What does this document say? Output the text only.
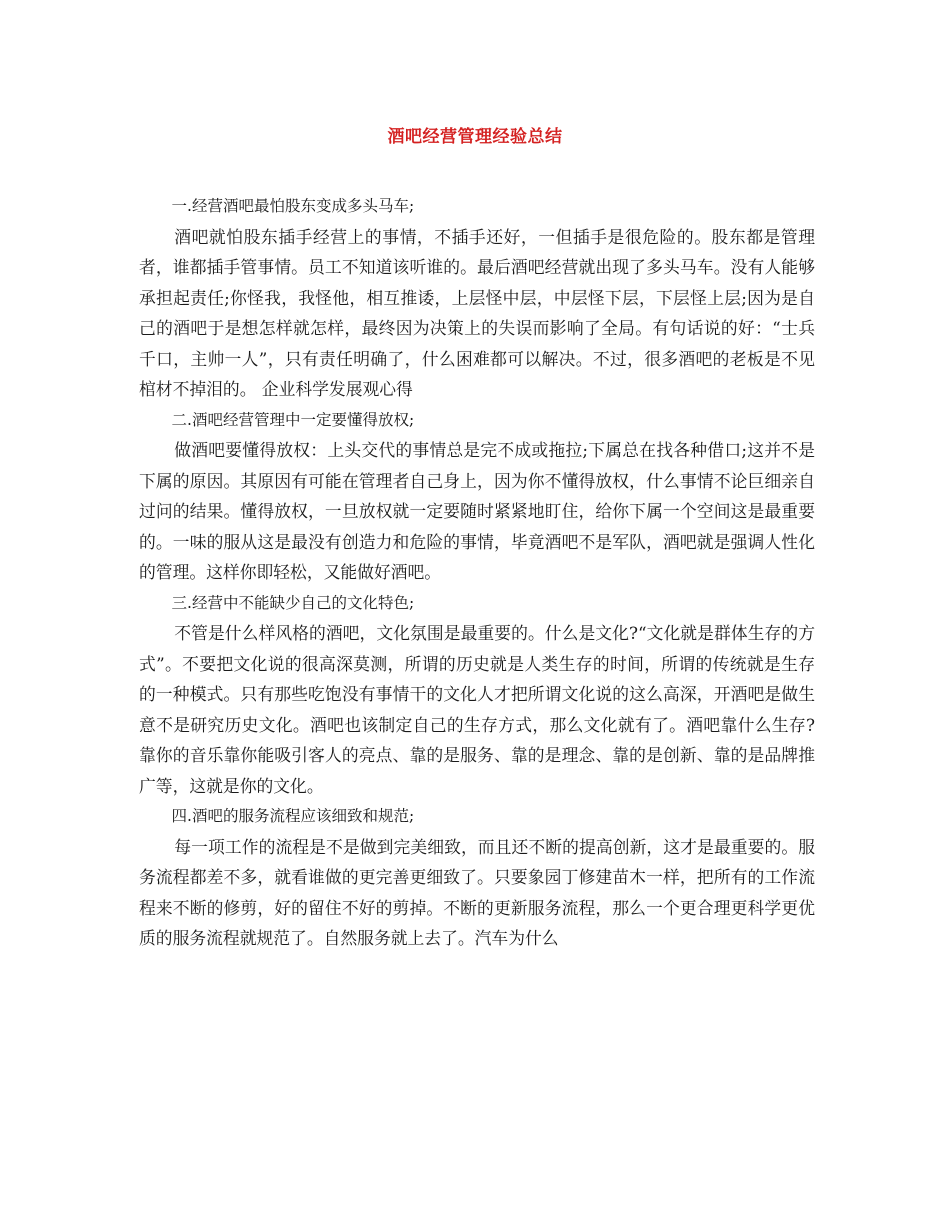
酒吧经营管理经验总结

一.经营酒吧最怕股东变成多头马车;

酒吧就怕股东插手经营上的事情，不插手还好，一但插手是很危险的。股东都是管理者，谁都插手管事情。员工不知道该听谁的。最后酒吧经营就出现了多头马车。没有人能够承担起责任;你怪我，我怪他，相互推诿，上层怪中层，中层怪下层，下层怪上层;因为是自己的酒吧于是想怎样就怎样，最终因为决策上的失误而影响了全局。有句话说的好：“士兵千口，主帅一人”，只有责任明确了，什么困难都可以解决。不过，很多酒吧的老板是不见棺材不掉泪的。 企业科学发展观心得

二.酒吧经营管理中一定要懂得放权;

做酒吧要懂得放权：上头交代的事情总是完不成或拖拉;下属总在找各种借口;这并不是下属的原因。其原因有可能在管理者自己身上，因为你不懂得放权，什么事情不论巨细亲自过问的结果。懂得放权，一旦放权就一定要随时紧紧地盯住，给你下属一个空间这是最重要的。一味的服从这是最没有创造力和危险的事情，毕竟酒吧不是军队，酒吧就是强调人性化的管理。这样你即轻松，又能做好酒吧。

三.经营中不能缺少自己的文化特色;

不管是什么样风格的酒吧，文化氛围是最重要的。什么是文化?“文化就是群体生存的方式”。不要把文化说的很高深莫测，所谓的历史就是人类生存的时间，所谓的传统就是生存的一种模式。只有那些吃饱没有事情干的文化人才把所谓文化说的这么高深，开酒吧是做生意不是研究历史文化。酒吧也该制定自己的生存方式，那么文化就有了。酒吧靠什么生存?靠你的音乐靠你能吸引客人的亮点、靠的是服务、靠的是理念、靠的是创新、靠的是品牌推广等，这就是你的文化。

四.酒吧的服务流程应该细致和规范;

每一项工作的流程是不是做到完美细致，而且还不断的提高创新，这才是最重要的。服务流程都差不多，就看谁做的更完善更细致了。只要象园丁修建苗木一样，把所有的工作流程来不断的修剪，好的留住不好的剪掉。不断的更新服务流程，那么一个更合理更科学更优质的服务流程就规范了。自然服务就上去了。汽车为什么
